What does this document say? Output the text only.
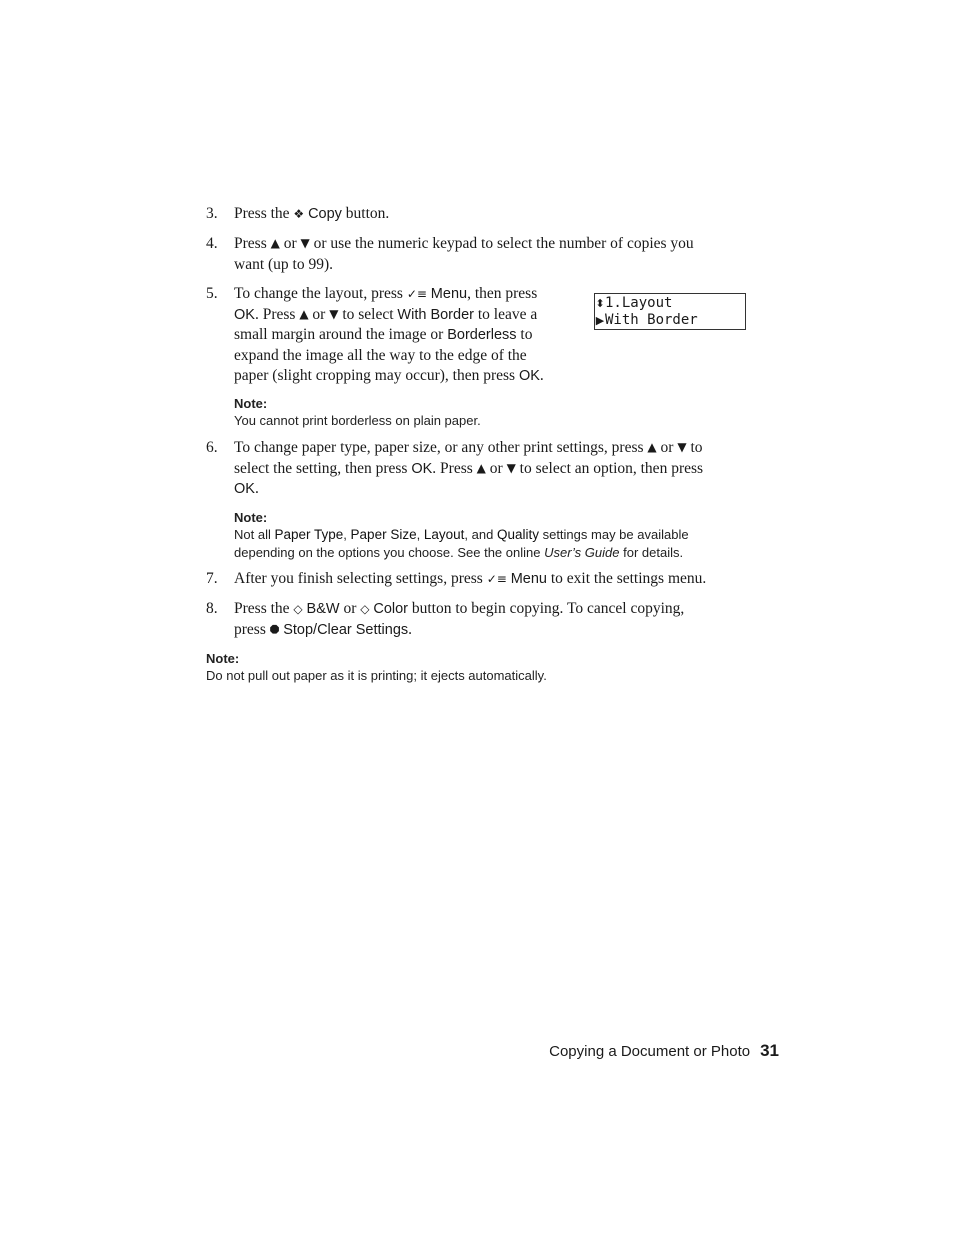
3. Press the ❖ Copy button.
4. Press ▲ or ▼ or use the numeric keypad to select the number of copies you
want (up to 99).
5. To change the layout, press ✓≡ Menu, then press
OK. Press ▲ or ▼ to select With Border to leave a
small margin around the image or Borderless to
expand the image all the way to the edge of the
paper (slight cropping may occur), then press OK.
⬍ 1.Layout
▶ With Border
Note:
You cannot print borderless on plain paper.
6. To change paper type, paper size, or any other print settings, press ▲ or ▼ to
select the setting, then press OK. Press ▲ or ▼ to select an option, then press
OK.
Note:
Not all Paper Type, Paper Size, Layout, and Quality settings may be available
depending on the options you choose. See the online User’s Guide for details.
7. After you finish selecting settings, press ✓≡ Menu to exit the settings menu.
8. Press the ◇ B&W or ◇ Color button to begin copying. To cancel copying,
press ⯃ Stop/Clear Settings.
Note:
Do not pull out paper as it is printing; it ejects automatically.
Copying a Document or Photo 31
